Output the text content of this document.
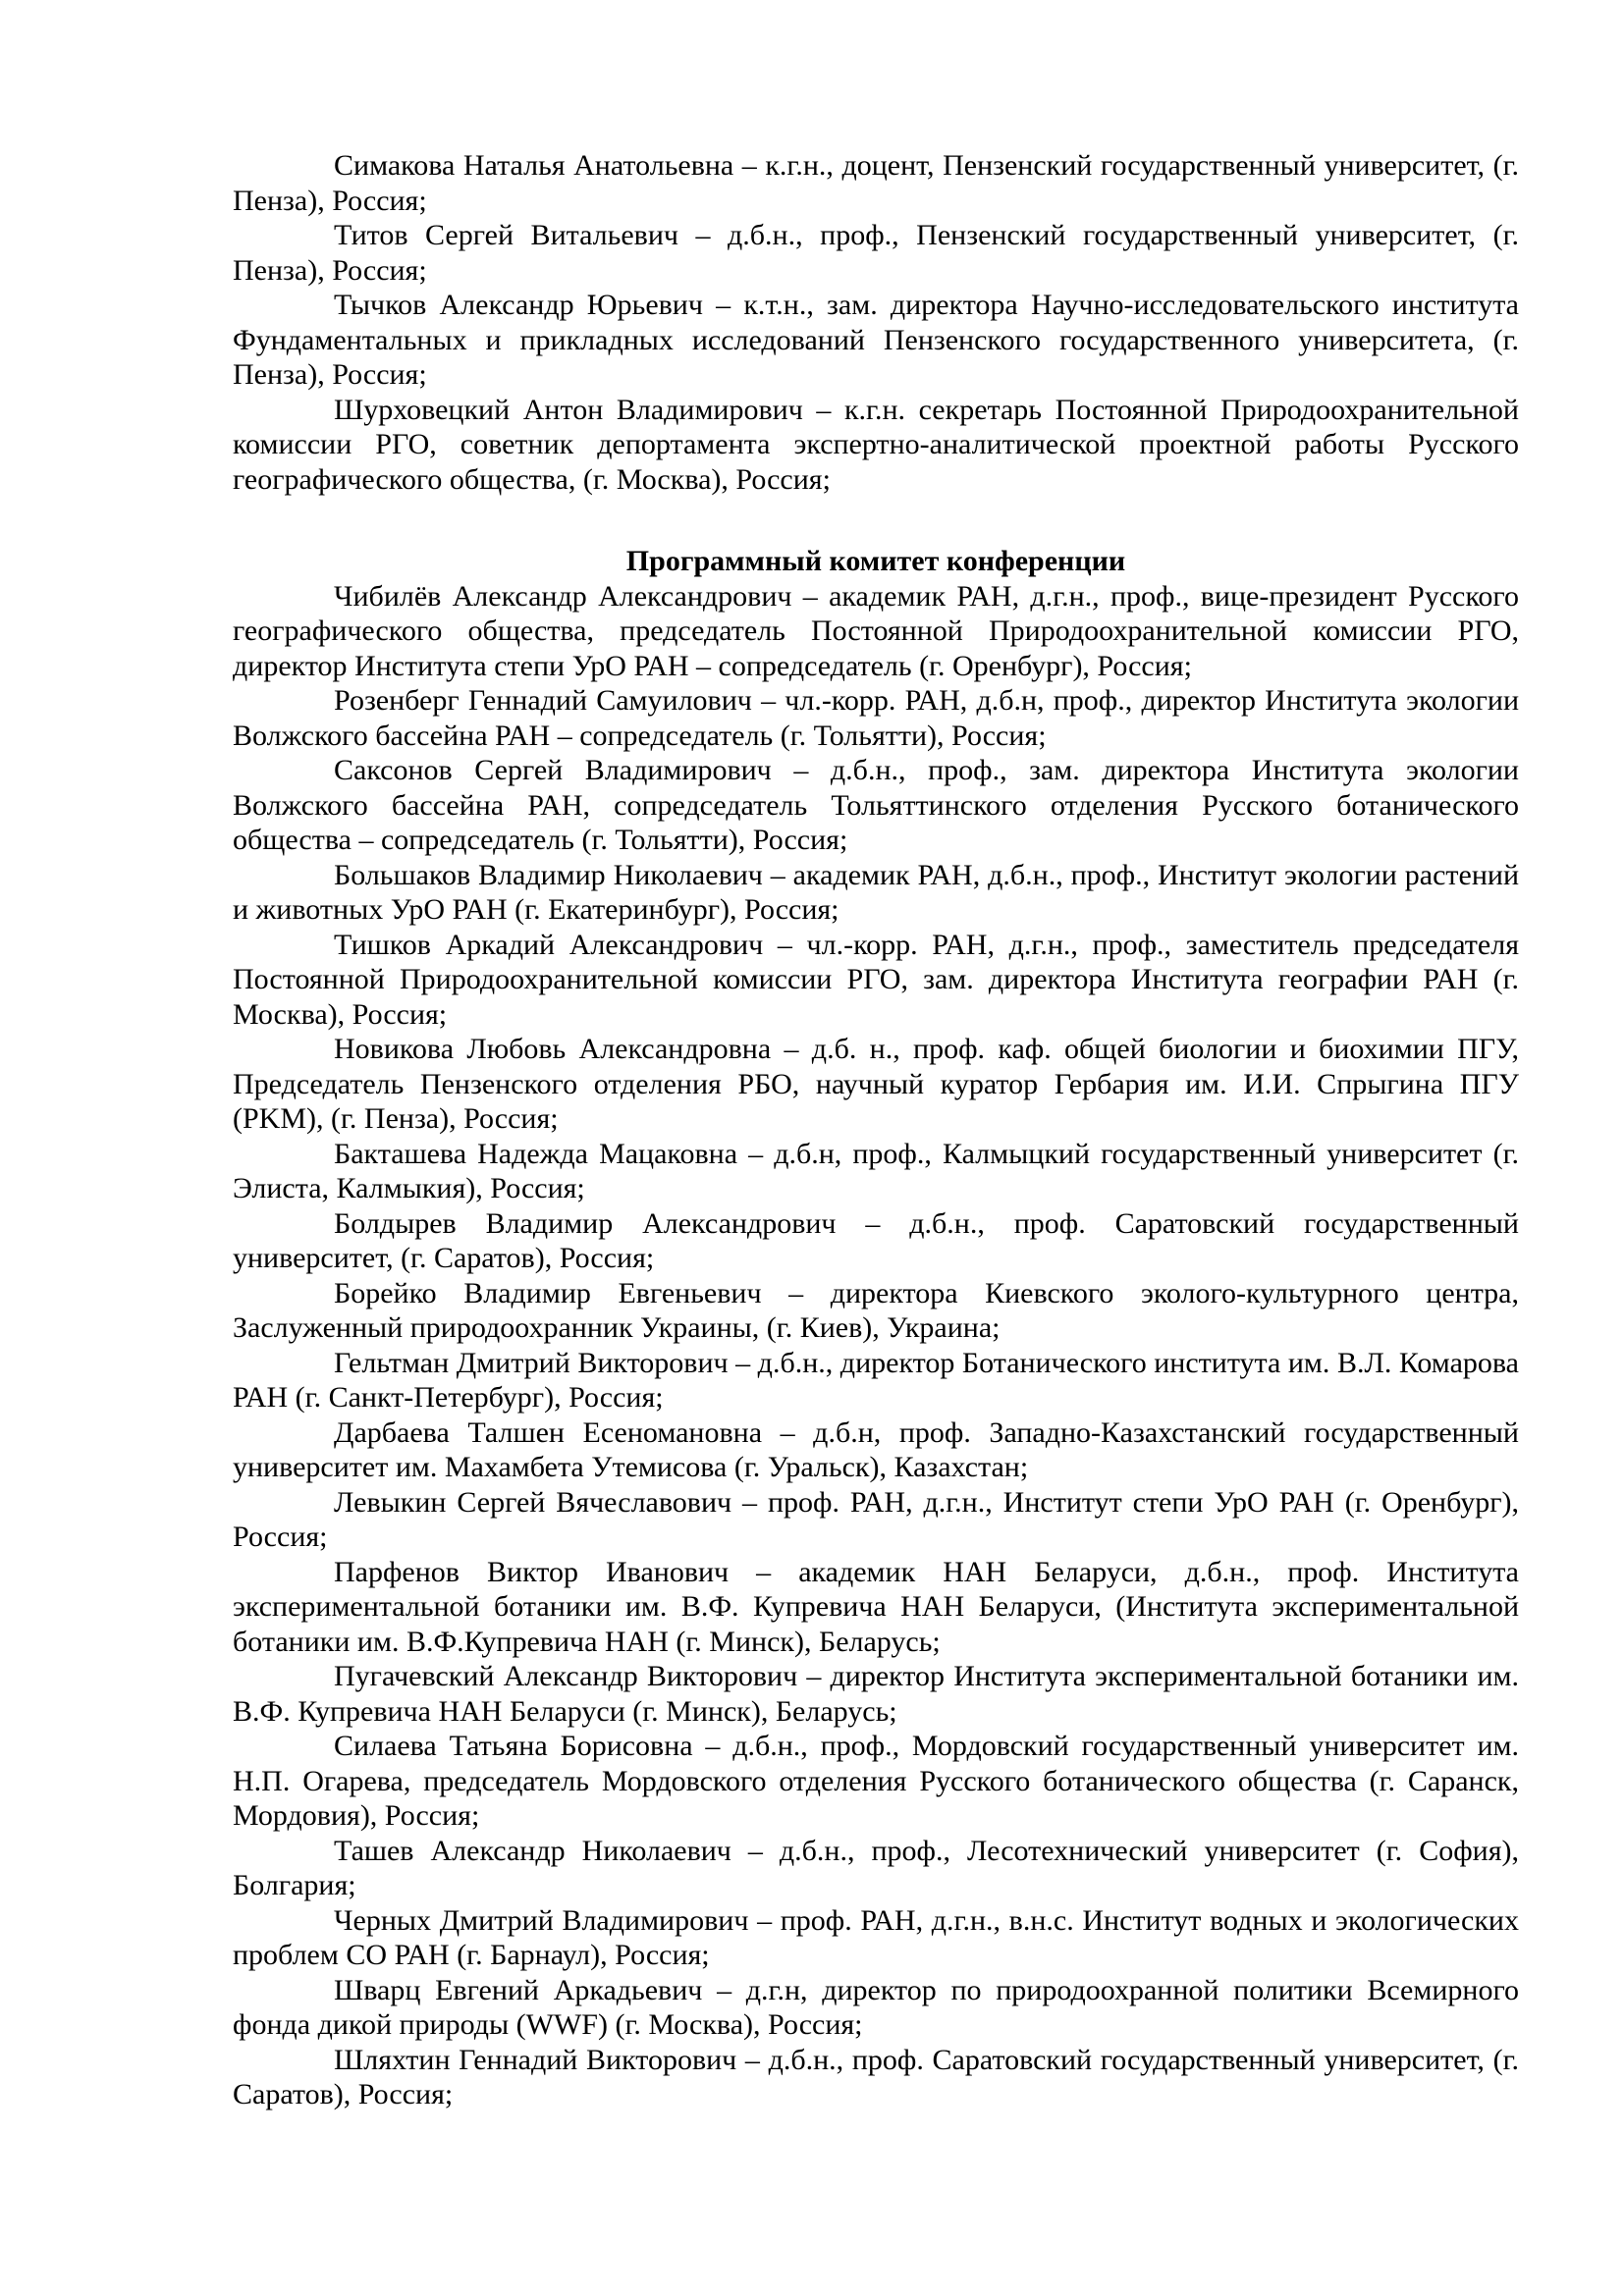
Симакова Наталья Анатольевна – к.г.н., доцент, Пензенский государственный университет, (г. Пенза), Россия;

Титов Сергей Витальевич – д.б.н., проф., Пензенский государственный университет, (г. Пенза), Россия;

Тычков Александр Юрьевич – к.т.н., зам. директора Научно-исследовательского института Фундаментальных и прикладных исследований Пензенского государственного университета, (г. Пенза), Россия;

Шурховецкий Антон Владимирович – к.г.н. секретарь Постоянной Природоохранительной комиссии РГО, советник депортамента экспертно-аналитической проектной работы Русского географического общества, (г. Москва), Россия;

Программный комитет конференции

Чибилёв Александр Александрович – академик РАН, д.г.н., проф., вице-президент Русского географического общества, председатель Постоянной Природоохранительной комиссии РГО, директор Института степи УрО РАН – сопредседатель (г. Оренбург), Россия;

Розенберг Геннадий Самуилович – чл.-корр. РАН, д.б.н, проф., директор Института экологии Волжского бассейна РАН – сопредседатель (г. Тольятти), Россия;

Саксонов Сергей Владимирович – д.б.н., проф., зам. директора Института экологии Волжского бассейна РАН, сопредседатель Тольяттинского отделения Русского ботанического общества – сопредседатель (г. Тольятти), Россия;

Большаков Владимир Николаевич – академик РАН, д.б.н., проф., Институт экологии растений и животных УрО РАН (г. Екатеринбург), Россия;

Тишков Аркадий Александрович – чл.-корр. РАН, д.г.н., проф., заместитель председателя Постоянной Природоохранительной комиссии РГО, зам. директора Института географии РАН (г. Москва), Россия;

Новикова Любовь Александровна – д.б. н., проф. каф. общей биологии и биохимии ПГУ, Председатель Пензенского отделения РБО, научный куратор Гербария им. И.И. Спрыгина ПГУ (PKM), (г. Пенза), Россия;

Бакташева Надежда Мацаковна – д.б.н, проф., Калмыцкий государственный университет (г. Элиста, Калмыкия), Россия;

Болдырев Владимир Александрович – д.б.н., проф. Саратовский государственный университет, (г. Саратов), Россия;

Борейко Владимир Евгеньевич – директора Киевского эколого-культурного центра, Заслуженный природоохранник Украины, (г. Киев), Украина;

Гельтман Дмитрий Викторович – д.б.н., директор Ботанического института им. В.Л. Комарова РАН (г. Санкт-Петербург), Россия;

Дарбаева Талшен Есеномановна – д.б.н, проф. Западно-Казахстанский государственный университет им. Махамбета Утемисова (г. Уральск), Казахстан;

Левыкин Сергей Вячеславович – проф. РАН, д.г.н., Институт степи УрО РАН (г. Оренбург), Россия;

Парфенов Виктор Иванович – академик НАН Беларуси, д.б.н., проф. Института экспериментальной ботаники им. В.Ф. Купревича НАН Беларуси, (Института экспериментальной ботаники им. В.Ф.Купревича НАН (г. Минск), Беларусь;

Пугачевский Александр Викторович – директор Института экспериментальной ботаники им. В.Ф. Купревича НАН Беларуси (г. Минск), Беларусь;

Силаева Татьяна Борисовна – д.б.н., проф., Мордовский государственный университет им. Н.П. Огарева, председатель Мордовского отделения Русского ботанического общества (г. Саранск, Мордовия), Россия;

Ташев Александр Николаевич – д.б.н., проф., Лесотехнический университет (г. София), Болгария;

Черных Дмитрий Владимирович – проф. РАН, д.г.н., в.н.с. Институт водных и экологических проблем СО РАН (г. Барнаул), Россия;

Шварц Евгений Аркадьевич – д.г.н, директор по природоохранной политики Всемирного фонда дикой природы (WWF) (г. Москва), Россия;

Шляхтин Геннадий Викторович – д.б.н., проф. Саратовский государственный университет, (г. Саратов), Россия;
